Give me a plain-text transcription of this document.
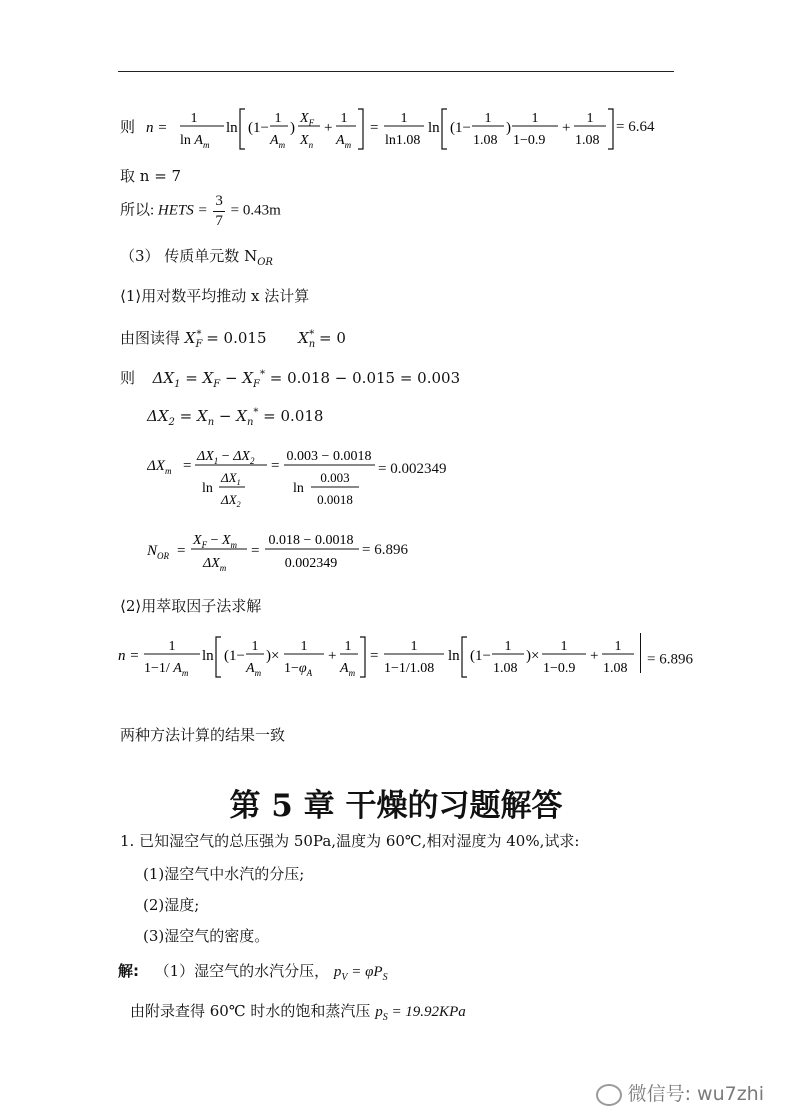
则 n =
1
$\ln A_m$
ln (1−
1
$A_m$
)
$X_F$
$X_n$
+
1
$A_m$
=
1
ln1.08
ln (1−
1
1.08
)
1
1−0.9
+
1
1.08
= 6.64
取 n = 7
所以: HETS = $\frac{3}{7} = 0.43m$
（3） 传质单元数 $N_{OR}$
⟨1⟩用对数平均推动 x 法计算
由图读得 $X_F^* = 0.015$ $X_n^* = 0$
则 $\Delta X_1 = X_F - X_F^* = 0.018 - 0.015 = 0.003$
$\Delta X_2 = X_n - X_n^* = 0.018$
$\Delta X_m$ =
$\Delta X_1 - \Delta X_2$
ln
$\Delta X_1$
$\Delta X_2$
=
0.003 − 0.0018
ln
0.003
0.0018
= 0.002349
$N_{OR}$ =
$X_F - X_m$
$\Delta X_m$
=
0.018 − 0.0018
0.002349
= 6.896
⟨2⟩用萃取因子法求解
n =
1
1−1/ $A_m$
ln (1−
1
$A_m$
)×
1
$1-\varphi_A$
+
1
$A_m$
=
1
1−1/1.08
ln (1−
1
1.08
)×
1
1−0.9
+
1
1.08
= 6.896
两种方法计算的结果一致
第 5 章 干燥的习题解答
1. 已知湿空气的总压强为 50Pa,温度为 60℃,相对湿度为 40%,试求:
(1)湿空气中水汽的分压;
(2)湿度;
(3)湿空气的密度。
解: （1）湿空气的水汽分压， $p_V = \varphi P_S$
由附录查得 60℃ 时水的饱和蒸汽压 $p_S = 19.92KPa$
微信号: wu7zhi
